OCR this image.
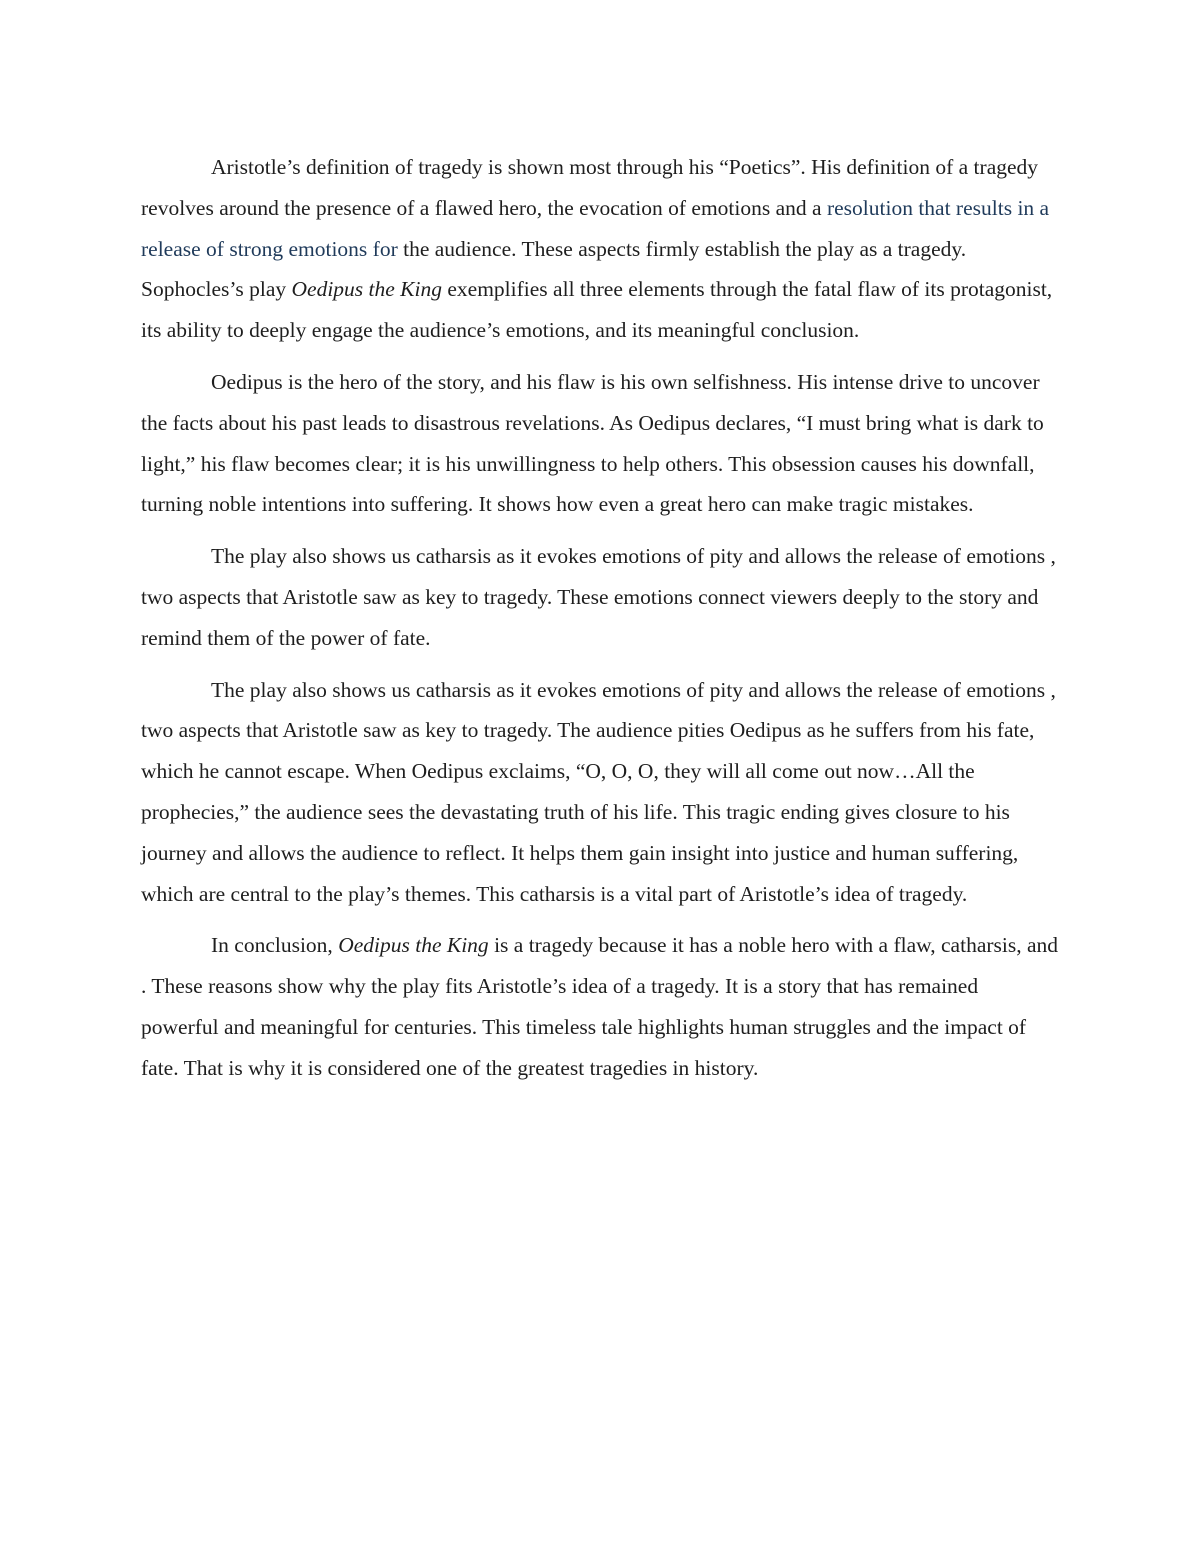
Aristotle’s definition of tragedy is shown most through his “Poetics”. His definition of a tragedy revolves around the presence of a flawed hero, the evocation of emotions and a resolution that results in a release of strong emotions for the audience. These aspects firmly establish the play as a tragedy. Sophocles’s play Oedipus the King exemplifies all three elements through the fatal flaw of its protagonist, its ability to deeply engage the audience’s emotions, and its meaningful conclusion.

Oedipus is the hero of the story, and his flaw is his own selfishness. His intense drive to uncover the facts about his past leads to disastrous revelations. As Oedipus declares, “I must bring what is dark to light,” his flaw becomes clear; it is his unwillingness to help others. This obsession causes his downfall, turning noble intentions into suffering. It shows how even a great hero can make tragic mistakes.

The play also shows us catharsis as it evokes emotions of pity and allows the release of emotions , two aspects that Aristotle saw as key to tragedy. These emotions connect viewers deeply to the story and remind them of the power of fate.

The play also shows us catharsis as it evokes emotions of pity and allows the release of emotions , two aspects that Aristotle saw as key to tragedy. The audience pities Oedipus as he suffers from his fate, which he cannot escape. When Oedipus exclaims, “O, O, O, they will all come out now…All the prophecies,” the audience sees the devastating truth of his life. This tragic ending gives closure to his journey and allows the audience to reflect. It helps them gain insight into justice and human suffering, which are central to the play’s themes. This catharsis is a vital part of Aristotle’s idea of tragedy.

In conclusion, Oedipus the King is a tragedy because it has a noble hero with a flaw, catharsis, and . These reasons show why the play fits Aristotle’s idea of a tragedy. It is a story that has remained powerful and meaningful for centuries. This timeless tale highlights human struggles and the impact of fate. That is why it is considered one of the greatest tragedies in history.
